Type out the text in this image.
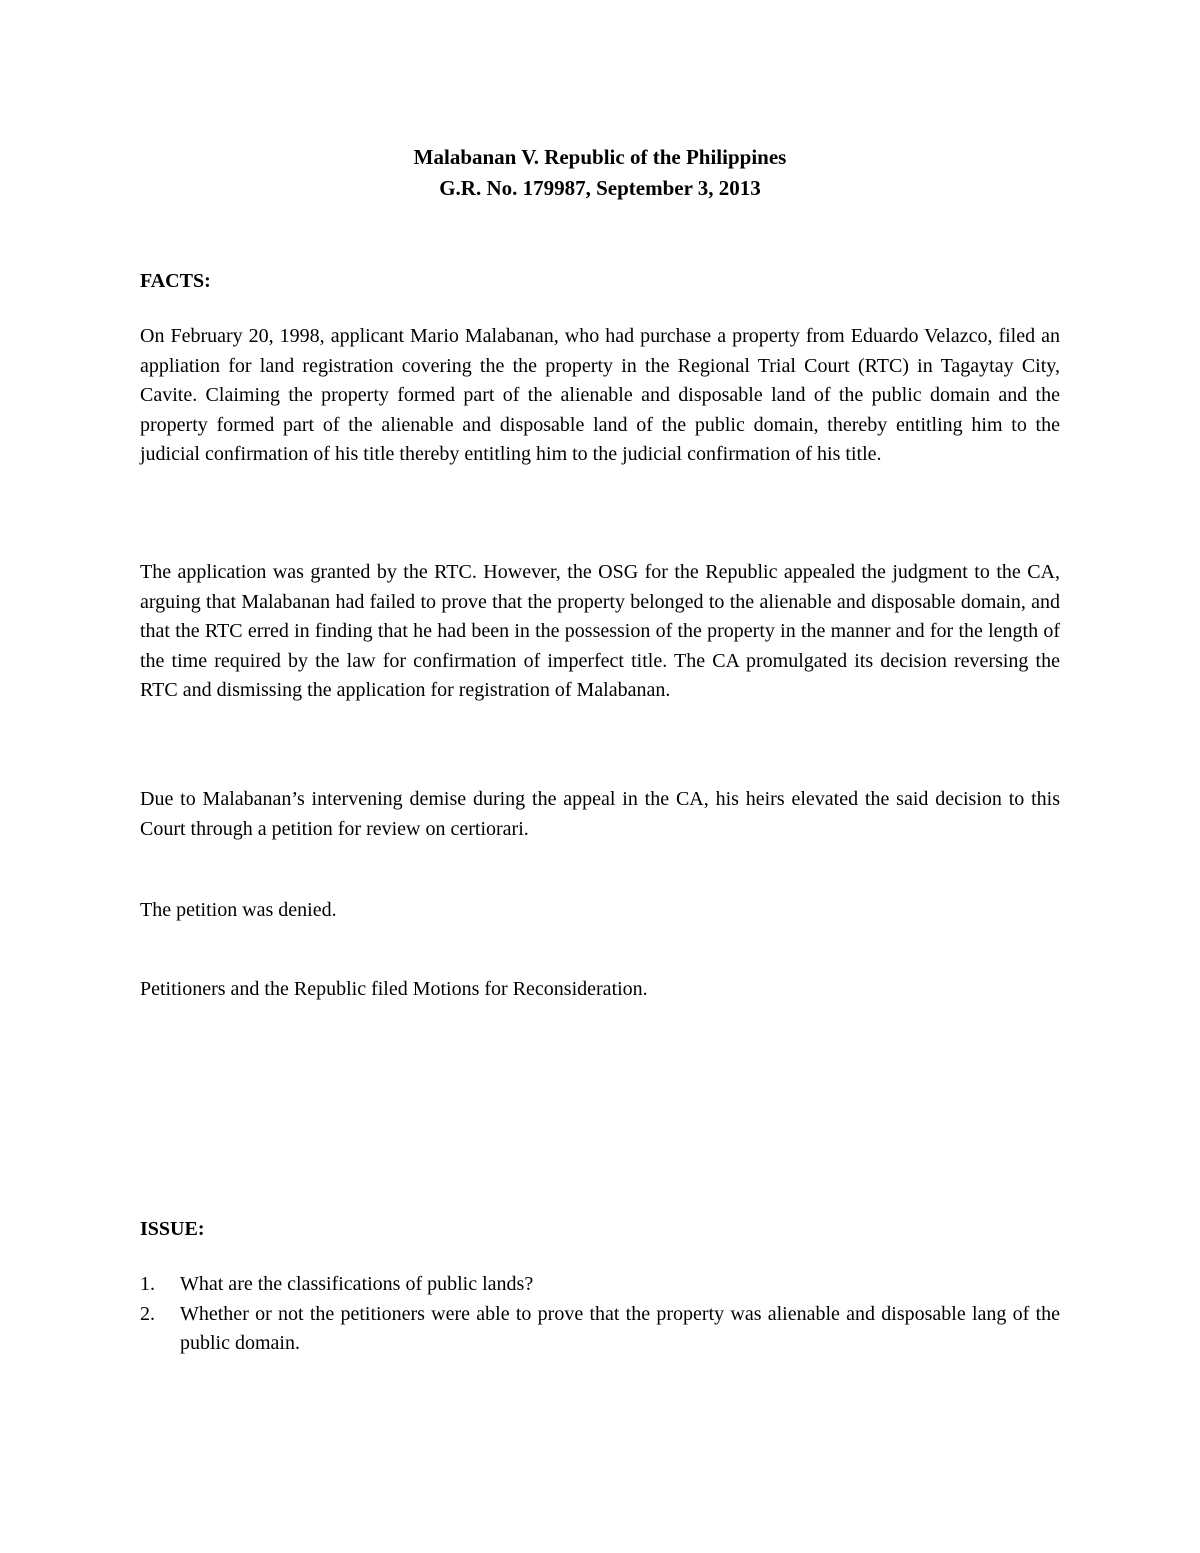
Malabanan V. Republic of the Philippines

G.R. No. 179987, September 3, 2013

FACTS:

On February 20, 1998, applicant Mario Malabanan, who had purchase a property from Eduardo Velazco, filed an appliation for land registration covering the the property in the Regional Trial Court (RTC) in Tagaytay City, Cavite. Claiming the property formed part of the alienable and disposable land of the public domain and the property formed part of the alienable and disposable land of the public domain, thereby entitling him to the judicial confirmation of his title thereby entitling him to the judicial confirmation of his title.

The application was granted by the RTC. However, the OSG for the Republic appealed the judgment to the CA, arguing that Malabanan had failed to prove that the property belonged to the alienable and disposable domain, and that the RTC erred in finding that he had been in the possession of the property in the manner and for the length of the time required by the law for confirmation of imperfect title. The CA promulgated its decision reversing the RTC and dismissing the application for registration of Malabanan.

Due to Malabanan’s intervening demise during the appeal in the CA, his heirs elevated the said decision to this Court through a petition for review on certiorari.

The petition was denied.

Petitioners and the Republic filed Motions for Reconsideration.

ISSUE:

1. What are the classifications of public lands?
2. Whether or not the petitioners were able to prove that the property was alienable and disposable lang of the public domain.
